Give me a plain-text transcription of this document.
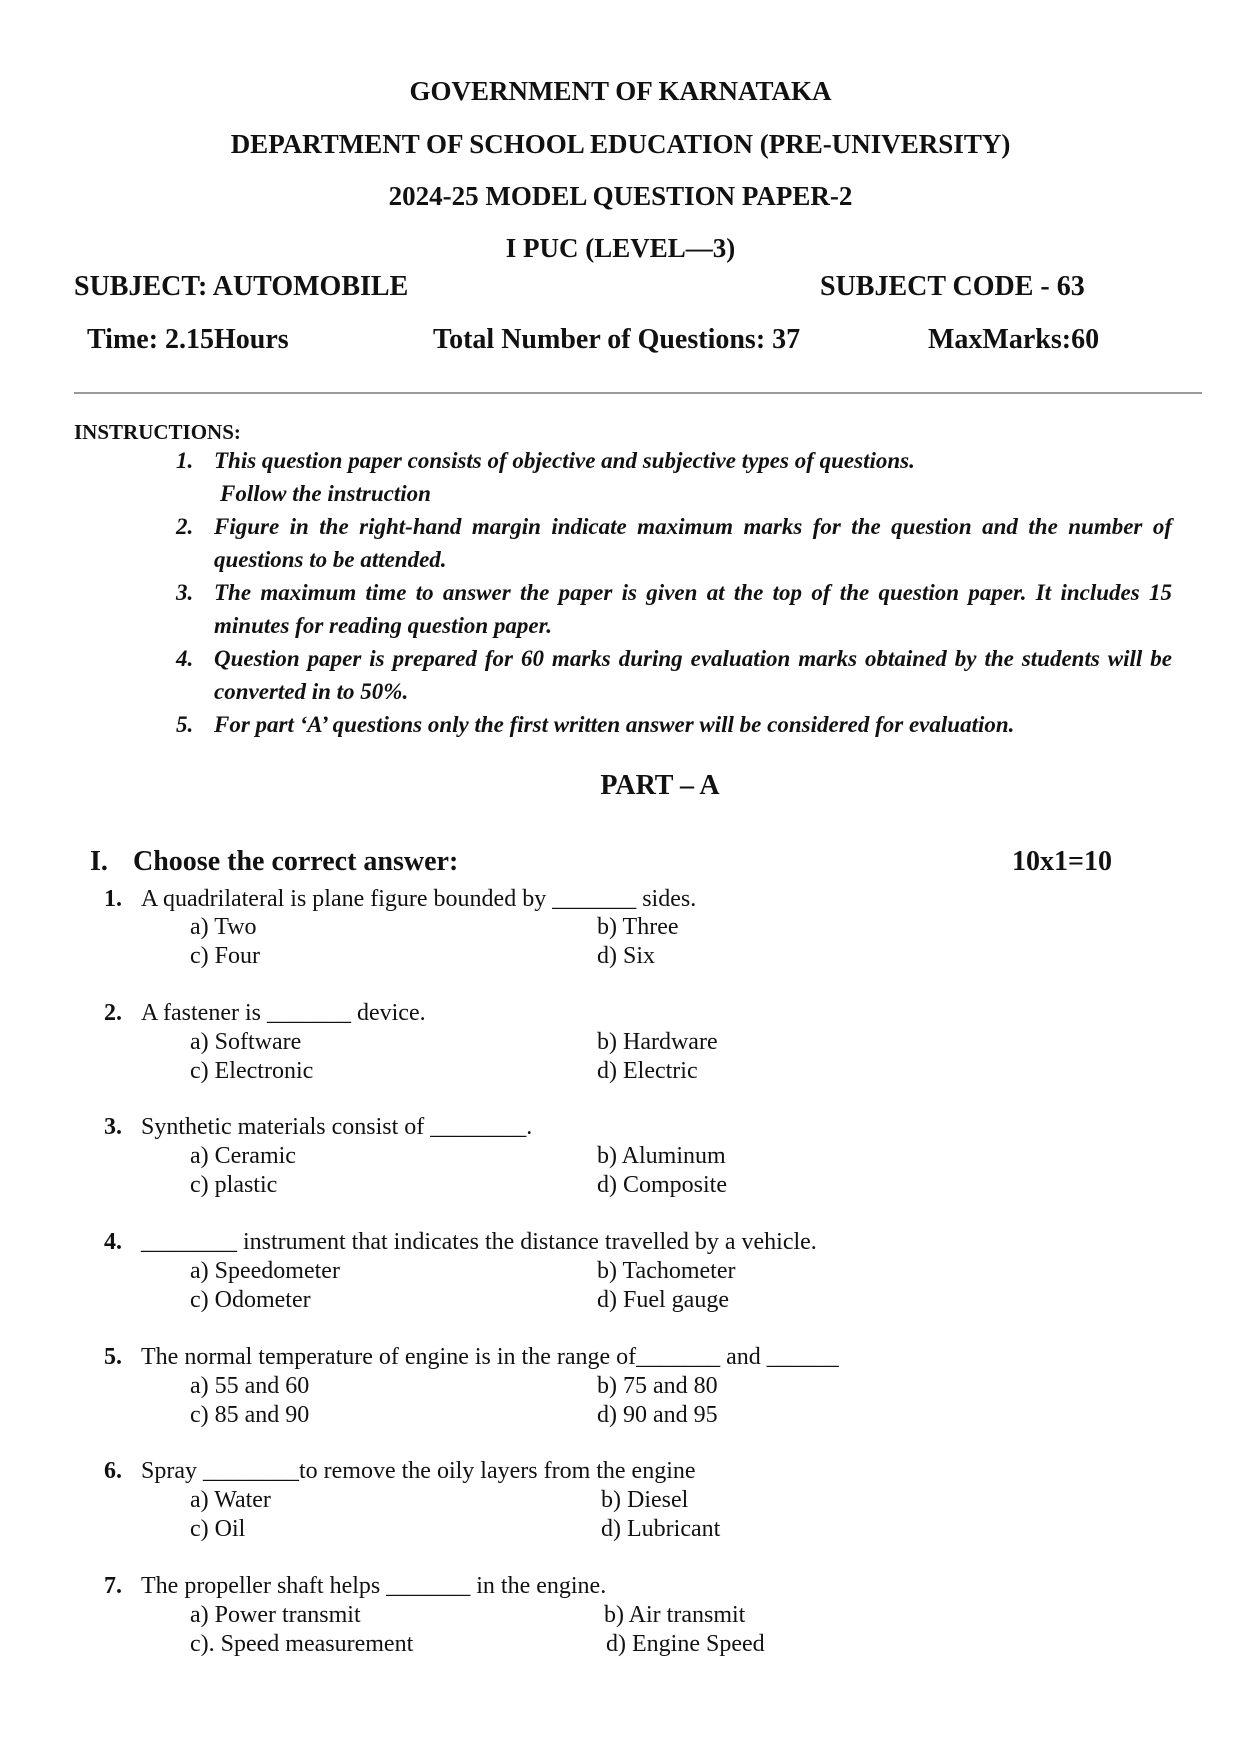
GOVERNMENT OF KARNATAKA
DEPARTMENT OF SCHOOL EDUCATION (PRE-UNIVERSITY)
2024-25 MODEL QUESTION PAPER-2
I PUC (LEVEL—3)
SUBJECT: AUTOMOBILE	SUBJECT CODE - 63
Time: 2.15Hours	Total Number of Questions: 37	MaxMarks:60
INSTRUCTIONS:
1. This question paper consists of objective and subjective types of questions.
Follow the instruction
2. Figure in the right-hand margin indicate maximum marks for the question and the number of questions to be attended.
3. The maximum time to answer the paper is given at the top of the question paper. It includes 15 minutes for reading question paper.
4. Question paper is prepared for 60 marks during evaluation marks obtained by the students will be converted in to 50%.
5. For part ‘A’ questions only the first written answer will be considered for evaluation.
PART – A
I. Choose the correct answer:	10x1=10
1. A quadrilateral is plane figure bounded by _______ sides.
a) Two	b) Three
c) Four	d) Six
2. A fastener is _______ device.
a) Software	b) Hardware
c) Electronic	d) Electric
3. Synthetic materials consist of ________.
a) Ceramic	b) Aluminum
c) plastic	d) Composite
4. ________ instrument that indicates the distance travelled by a vehicle.
a) Speedometer	b) Tachometer
c) Odometer	d) Fuel gauge
5. The normal temperature of engine is in the range of_______ and ______
a) 55 and 60	b) 75 and 80
c) 85 and 90	d) 90 and 95
6. Spray ________to remove the oily layers from the engine
a) Water	b) Diesel
c) Oil	d) Lubricant
7. The propeller shaft helps _______ in the engine.
a) Power transmit	b) Air transmit
c). Speed measurement	d) Engine Speed
